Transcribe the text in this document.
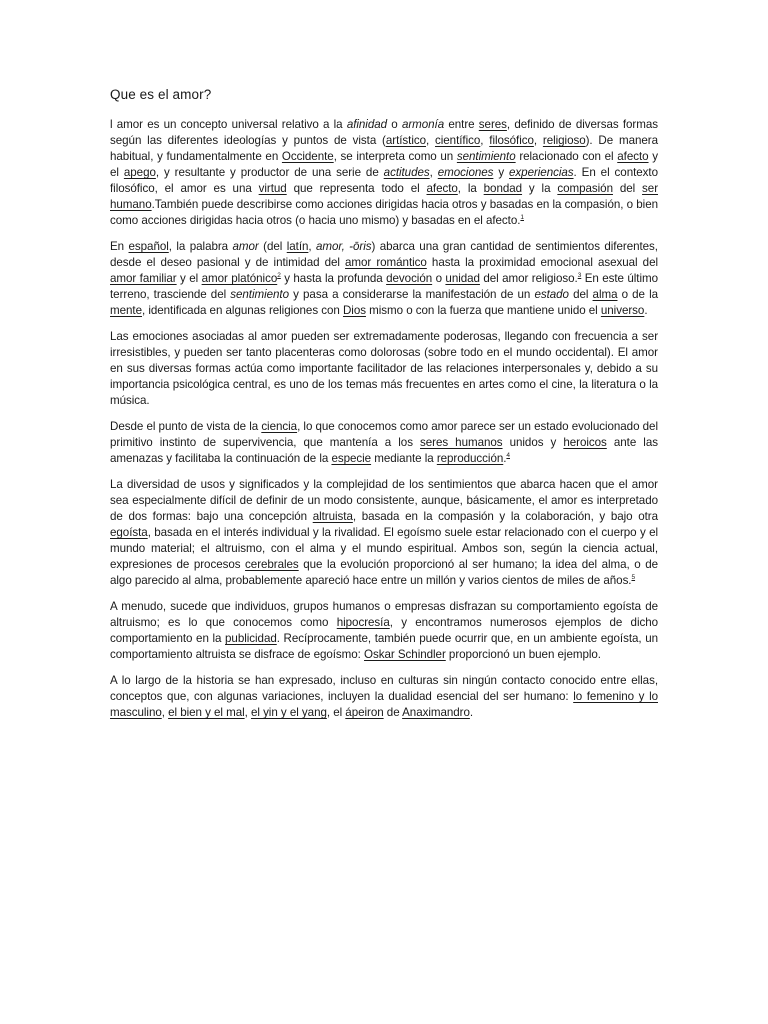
Que es el amor?

l amor es un concepto universal relativo a la afinidad o armonía entre seres, definido de diversas formas según las diferentes ideologías y puntos de vista (artístico, científico, filosófico, religioso). De manera habitual, y fundamentalmente en Occidente, se interpreta como un sentimiento relacionado con el afecto y el apego, y resultante y productor de una serie de actitudes, emociones y experiencias. En el contexto filosófico, el amor es una virtud que representa todo el afecto, la bondad y la compasión del ser humano.También puede describirse como acciones dirigidas hacia otros y basadas en la compasión, o bien como acciones dirigidas hacia otros (o hacia uno mismo) y basadas en el afecto.$^1$

En español, la palabra amor (del latín, amor, -ōris) abarca una gran cantidad de sentimientos diferentes, desde el deseo pasional y de intimidad del amor romántico hasta la proximidad emocional asexual del amor familiar y el amor platónico$^2$ y hasta la profunda devoción o unidad del amor religioso.$^3$ En este último terreno, trasciende del sentimiento y pasa a considerarse la manifestación de un estado del alma o de la mente, identificada en algunas religiones con Dios mismo o con la fuerza que mantiene unido el universo.

Las emociones asociadas al amor pueden ser extremadamente poderosas, llegando con frecuencia a ser irresistibles, y pueden ser tanto placenteras como dolorosas (sobre todo en el mundo occidental). El amor en sus diversas formas actúa como importante facilitador de las relaciones interpersonales y, debido a su importancia psicológica central, es uno de los temas más frecuentes en artes como el cine, la literatura o la música.

Desde el punto de vista de la ciencia, lo que conocemos como amor parece ser un estado evolucionado del primitivo instinto de supervivencia, que mantenía a los seres humanos unidos y heroicos ante las amenazas y facilitaba la continuación de la especie mediante la reproducción.$^4$

La diversidad de usos y significados y la complejidad de los sentimientos que abarca hacen que el amor sea especialmente difícil de definir de un modo consistente, aunque, básicamente, el amor es interpretado de dos formas: bajo una concepción altruista, basada en la compasión y la colaboración, y bajo otra egoísta, basada en el interés individual y la rivalidad. El egoísmo suele estar relacionado con el cuerpo y el mundo material; el altruismo, con el alma y el mundo espiritual. Ambos son, según la ciencia actual, expresiones de procesos cerebrales que la evolución proporcionó al ser humano; la idea del alma, o de algo parecido al alma, probablemente apareció hace entre un millón y varios cientos de miles de años.$^5$

A menudo, sucede que individuos, grupos humanos o empresas disfrazan su comportamiento egoísta de altruismo; es lo que conocemos como hipocresía, y encontramos numerosos ejemplos de dicho comportamiento en la publicidad. Recíprocamente, también puede ocurrir que, en un ambiente egoísta, un comportamiento altruista se disfrace de egoísmo: Oskar Schindler proporcionó un buen ejemplo.

A lo largo de la historia se han expresado, incluso en culturas sin ningún contacto conocido entre ellas, conceptos que, con algunas variaciones, incluyen la dualidad esencial del ser humano: lo femenino y lo masculino, el bien y el mal, el yin y el yang, el ápeiron de Anaximandro.
